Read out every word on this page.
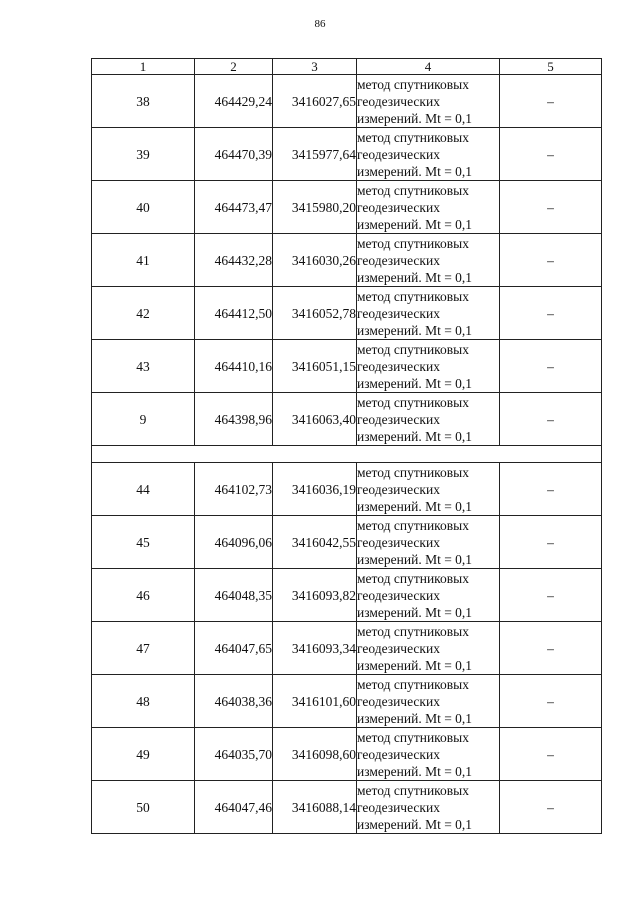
86
1	2	3	4	5
38	464429,24	3416027,65	метод спутниковых
геодезических
измерений. Mt = 0,1	–
39	464470,39	3415977,64	метод спутниковых
геодезических
измерений. Mt = 0,1	–
40	464473,47	3415980,20	метод спутниковых
геодезических
измерений. Mt = 0,1	–
41	464432,28	3416030,26	метод спутниковых
геодезических
измерений. Mt = 0,1	–
42	464412,50	3416052,78	метод спутниковых
геодезических
измерений. Mt = 0,1	–
43	464410,16	3416051,15	метод спутниковых
геодезических
измерений. Mt = 0,1	–
9	464398,96	3416063,40	метод спутниковых
геодезических
измерений. Mt = 0,1	–

44	464102,73	3416036,19	метод спутниковых
геодезических
измерений. Mt = 0,1	–
45	464096,06	3416042,55	метод спутниковых
геодезических
измерений. Mt = 0,1	–
46	464048,35	3416093,82	метод спутниковых
геодезических
измерений. Mt = 0,1	–
47	464047,65	3416093,34	метод спутниковых
геодезических
измерений. Mt = 0,1	–
48	464038,36	3416101,60	метод спутниковых
геодезических
измерений. Mt = 0,1	–
49	464035,70	3416098,60	метод спутниковых
геодезических
измерений. Mt = 0,1	–
50	464047,46	3416088,14	метод спутниковых
геодезических
измерений. Mt = 0,1	–
